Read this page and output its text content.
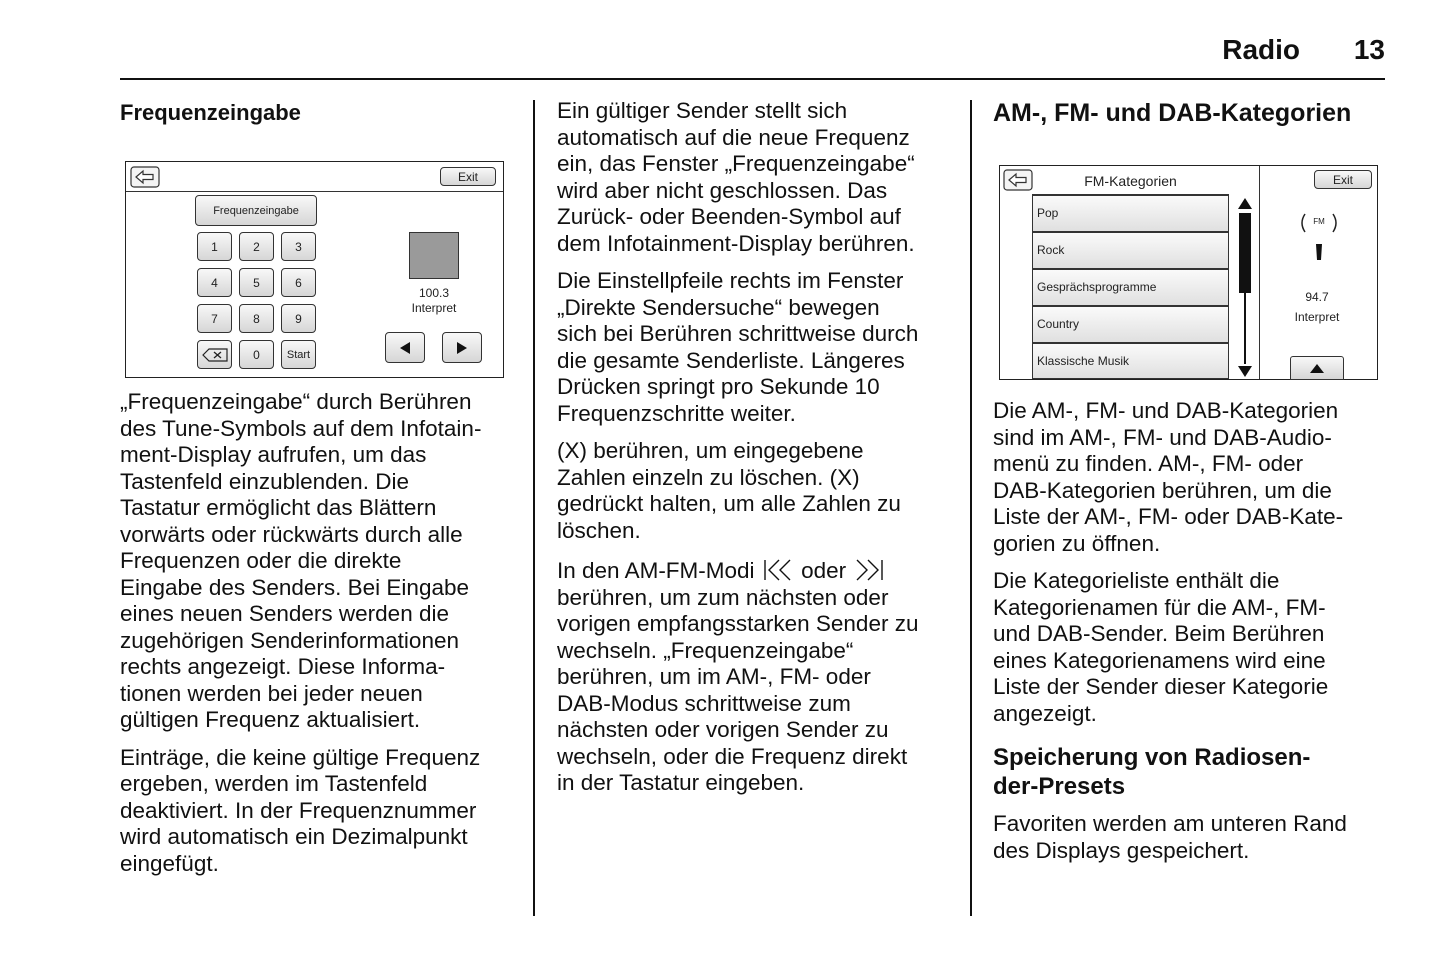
Radio 13
Frequenzeingabe
„Frequenzeingabe“ durch Berühren
des Tune-Symbols auf dem Infotain-
ment-Display aufrufen, um das
Tastenfeld einzublenden. Die
Tastatur ermöglicht das Blättern
vorwärts oder rückwärts durch alle
Frequenzen oder die direkte
Eingabe des Senders. Bei Eingabe
eines neuen Senders werden die
zugehörigen Senderinformationen
rechts angezeigt. Diese Informa-
tionen werden bei jeder neuen
gültigen Frequenz aktualisiert.
Einträge, die keine gültige Frequenz
ergeben, werden im Tastenfeld
deaktiviert. In der Frequenznummer
wird automatisch ein Dezimalpunkt
eingefügt.
Exit
Frequenzeingabe
1	2	3
4	5	6
7	8	9
0	Start
100.3
Interpret
Ein gültiger Sender stellt sich
automatisch auf die neue Frequenz
ein, das Fenster „Frequenzeingabe“
wird aber nicht geschlossen. Das
Zurück- oder Beenden-Symbol auf
dem Infotainment-Display berühren.
Die Einstellpfeile rechts im Fenster
„Direkte Sendersuche“ bewegen
sich bei Berühren schrittweise durch
die gesamte Senderliste. Längeres
Drücken springt pro Sekunde 10
Frequenzschritte weiter.
(X) berühren, um eingegebene
Zahlen einzeln zu löschen. (X)
gedrückt halten, um alle Zahlen zu
löschen.
In den AM-FM-Modi oder
berühren, um zum nächsten oder
vorigen empfangsstarken Sender zu
wechseln. „Frequenzeingabe“
berühren, um im AM-, FM- oder
DAB-Modus schrittweise zum
nächsten oder vorigen Sender zu
wechseln, oder die Frequenz direkt
in der Tastatur eingeben.
AM-, FM- und DAB-Kategorien
Die AM-, FM- und DAB-Kategorien
sind im AM-, FM- und DAB-Audio-
menü zu finden. AM-, FM- oder
DAB-Kategorien berühren, um die
Liste der AM-, FM- oder DAB-Kate-
gorien zu öffnen.
Die Kategorieliste enthält die
Kategorienamen für die AM-, FM-
und DAB-Sender. Beim Berühren
eines Kategorienamens wird eine
Liste der Sender dieser Kategorie
angezeigt.
Speicherung von Radiosen-
der-Presets
Favoriten werden am unteren Rand
des Displays gespeichert.
FM-Kategorien
Pop
Rock
Gesprächsprogramme
Country
Klassische Musik
Exit
FM
94.7
Interpret
